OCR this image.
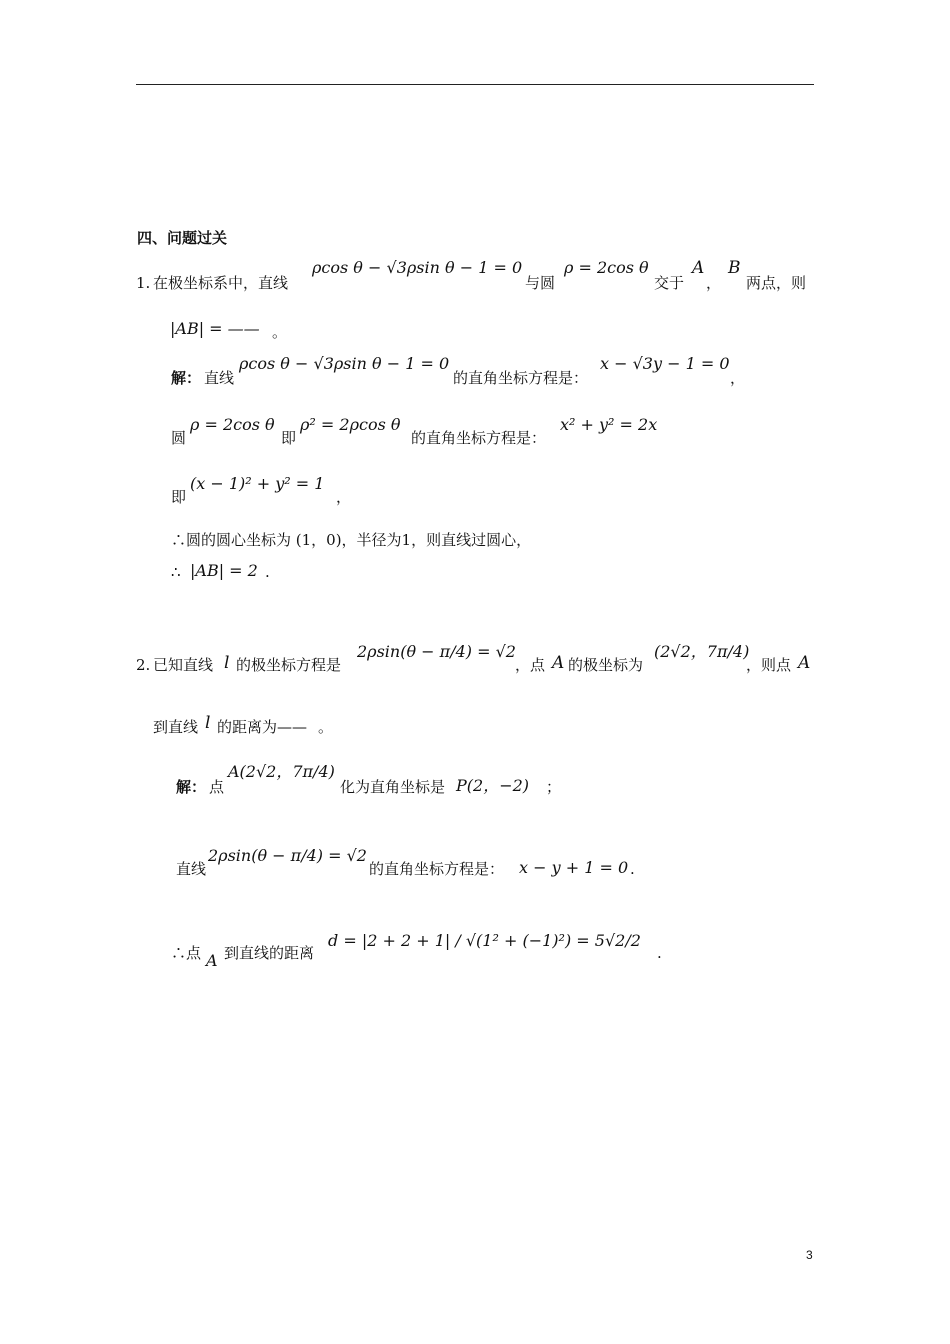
四、问题过关
1. 在极坐标系中，直线
ρcos θ − √3ρsin θ − 1 = 0
与圆
ρ = 2cos θ
交于
A
，
B
两点，则
|AB| = —— 。
解： 直线
ρcos θ − √3ρsin θ − 1 = 0
的直角坐标方程是：
x − √3y − 1 = 0
，
圆
ρ = 2cos θ
即
ρ² = 2ρcos θ
的直角坐标方程是：
x² + y² = 2x
即
(x − 1)² + y² = 1
，
∴圆的圆心坐标为 (1，0)，半径为1，则直线过圆心，
∴ |AB| = 2 .
2. 已知直线 l 的极坐标方程是
2ρsin(θ − π/4) = √2
，点 A 的极坐标为
(2√2，7π/4)
，则点 A
到直线 l 的距离为—— 。
解： 点
A(2√2，7π/4)
化为直角坐标是 P(2，−2) ；
直线
2ρsin(θ − π/4) = √2
的直角坐标方程是： x − y + 1 = 0 .
∴点 A 到直线的距离
d = |2 + 2 + 1| / √(1² + (−1)²) = 5√2/2
.
3
